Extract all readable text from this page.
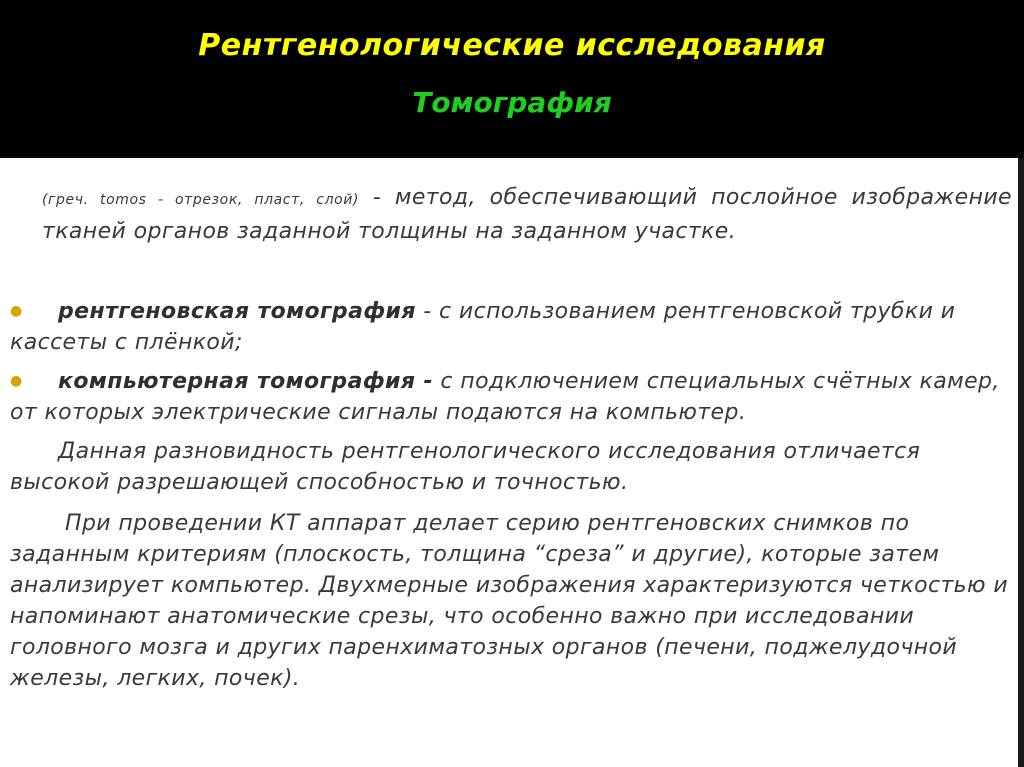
Рентгенологические исследования
Томография
(греч. tomos - отрезок, пласт, слой) - метод, обеспечивающий послойное изображение тканей органов заданной толщины на заданном участке.
● рентгеновская томография - с использованием рентгеновской трубки и кассеты с плёнкой;
● компьютерная томография - с подключением специальных счётных камер, от которых электрические сигналы подаются на компьютер.
Данная разновидность рентгенологического исследования отличается высокой разрешающей способностью и точностью.
При проведении КТ аппарат делает серию рентгеновских снимков по заданным критериям (плоскость, толщина “среза” и другие), которые затем анализирует компьютер. Двухмерные изображения характеризуются четкостью и напоминают анатомические срезы, что особенно важно при исследовании головного мозга и других паренхиматозных органов (печени, поджелудочной железы, легких, почек).
